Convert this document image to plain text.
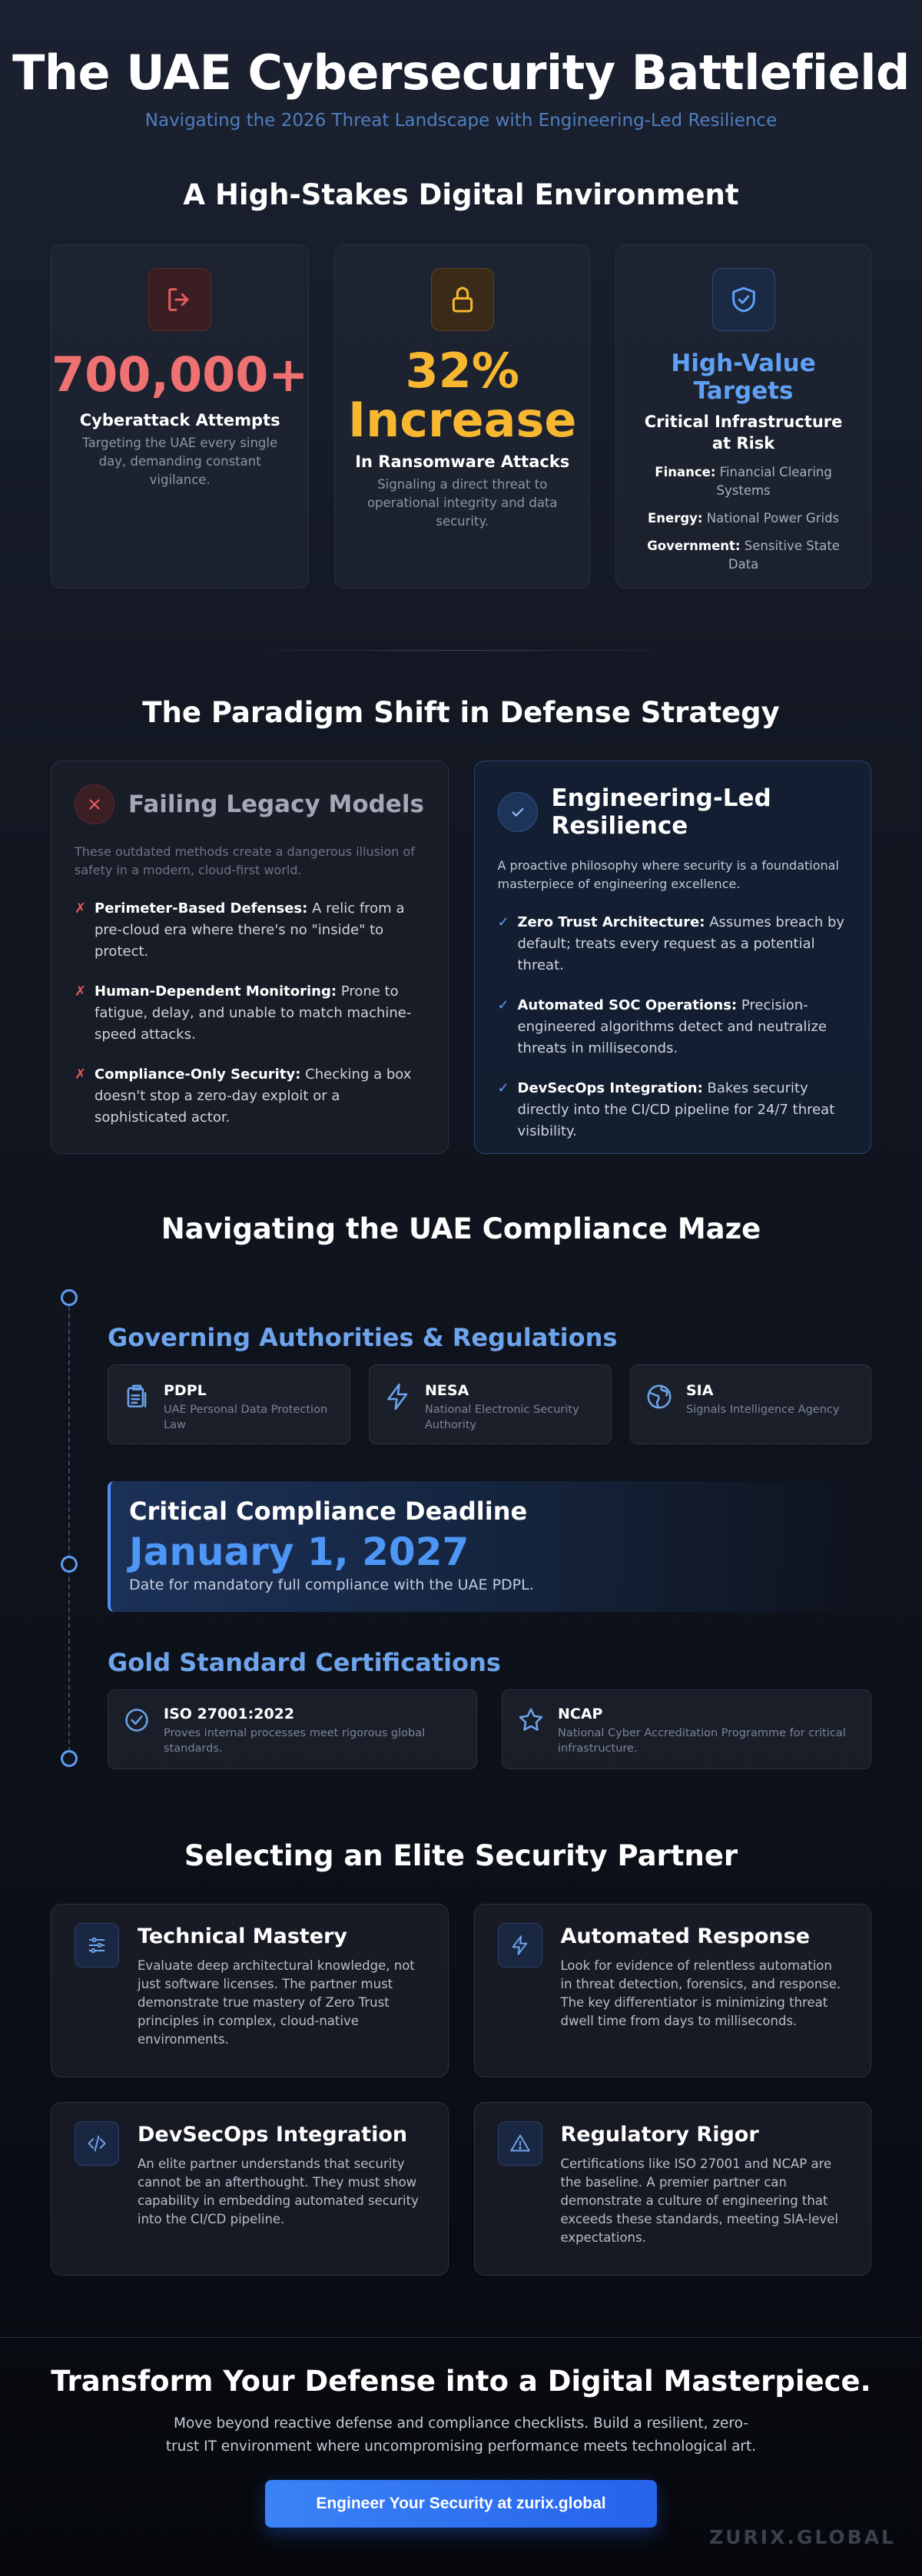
The UAE Cybersecurity Battlefield

Navigating the 2026 Threat Landscape with Engineering-Led Resilience

A High-Stakes Digital Environment
700,000+
Cyberattack Attempts
Targeting the UAE every single day, demanding constant vigilance.
32% Increase
In Ransomware Attacks
Signaling a direct threat to operational integrity and data security.
High-Value Targets
Critical Infrastructure at Risk
Finance: Financial Clearing Systems
Energy: National Power Grids
Government: Sensitive State Data
The Paradigm Shift in Defense Strategy
Failing Legacy Models

These outdated methods create a dangerous illusion of safety in a modern, cloud-first world.

✗ Perimeter-Based Defenses: A relic from a pre-cloud era where there's no "inside" to protect.
✗ Human-Dependent Monitoring: Prone to fatigue, delay, and unable to match machine-speed attacks.
✗ Compliance-Only Security: Checking a box doesn't stop a zero-day exploit or a sophisticated actor.
Engineering-Led Resilience

A proactive philosophy where security is a foundational masterpiece of engineering excellence.

✓ Zero Trust Architecture: Assumes breach by default; treats every request as a potential threat.
✓ Automated SOC Operations: Precision-engineered algorithms detect and neutralize threats in milliseconds.
✓ DevSecOps Integration: Bakes security directly into the CI/CD pipeline for 24/7 threat visibility.
Navigating the UAE Compliance Maze
Governing Authorities & Regulations
PDPL
UAE Personal Data Protection Law
NESA
National Electronic Security Authority
SIA
Signals Intelligence Agency
Critical Compliance Deadline
January 1, 2027
Date for mandatory full compliance with the UAE PDPL.
Gold Standard Certifications
ISO 27001:2022
Proves internal processes meet rigorous global standards.
NCAP
National Cyber Accreditation Programme for critical infrastructure.
Selecting an Elite Security Partner
Technical Mastery
Evaluate deep architectural knowledge, not just software licenses. The partner must demonstrate true mastery of Zero Trust principles in complex, cloud-native environments.
Automated Response
Look for evidence of relentless automation in threat detection, forensics, and response. The key differentiator is minimizing threat dwell time from days to milliseconds.
DevSecOps Integration
An elite partner understands that security cannot be an afterthought. They must show capability in embedding automated security into the CI/CD pipeline.
Regulatory Rigor
Certifications like ISO 27001 and NCAP are the baseline. A premier partner can demonstrate a culture of engineering that exceeds these standards, meeting SIA-level expectations.
Transform Your Defense into a Digital Masterpiece.

Move beyond reactive defense and compliance checklists. Build a resilient, zero-
trust IT environment where uncompromising performance meets technological art.

Engineer Your Security at zurix.global
ZURIX.GLOBAL
